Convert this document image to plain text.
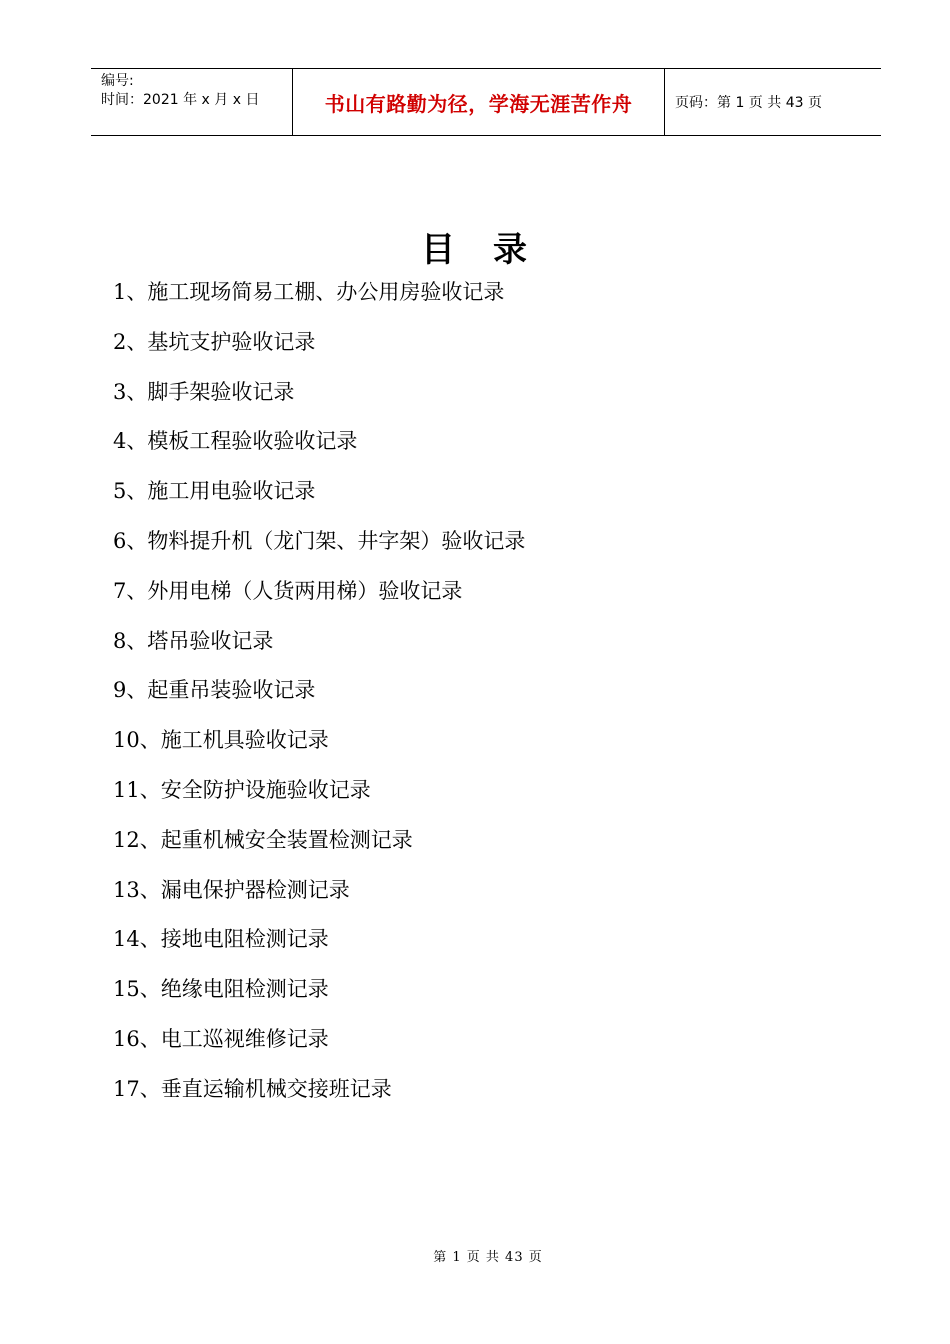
编号:
时间：2021 年 x 月 x 日	书山有路勤为径，学海无涯苦作舟	页码：第 1 页 共 43 页
目　录
1、施工现场简易工棚、办公用房验收记录
2、基坑支护验收记录
3、脚手架验收记录
4、模板工程验收验收记录
5、施工用电验收记录
6、物料提升机（龙门架、井字架）验收记录
7、外用电梯（人货两用梯）验收记录
8、塔吊验收记录
9、起重吊装验收记录
10、施工机具验收记录
11、安全防护设施验收记录
12、起重机械安全装置检测记录
13、漏电保护器检测记录
14、接地电阻检测记录
15、绝缘电阻检测记录
16、电工巡视维修记录
17、垂直运输机械交接班记录
第 1 页 共 43 页
